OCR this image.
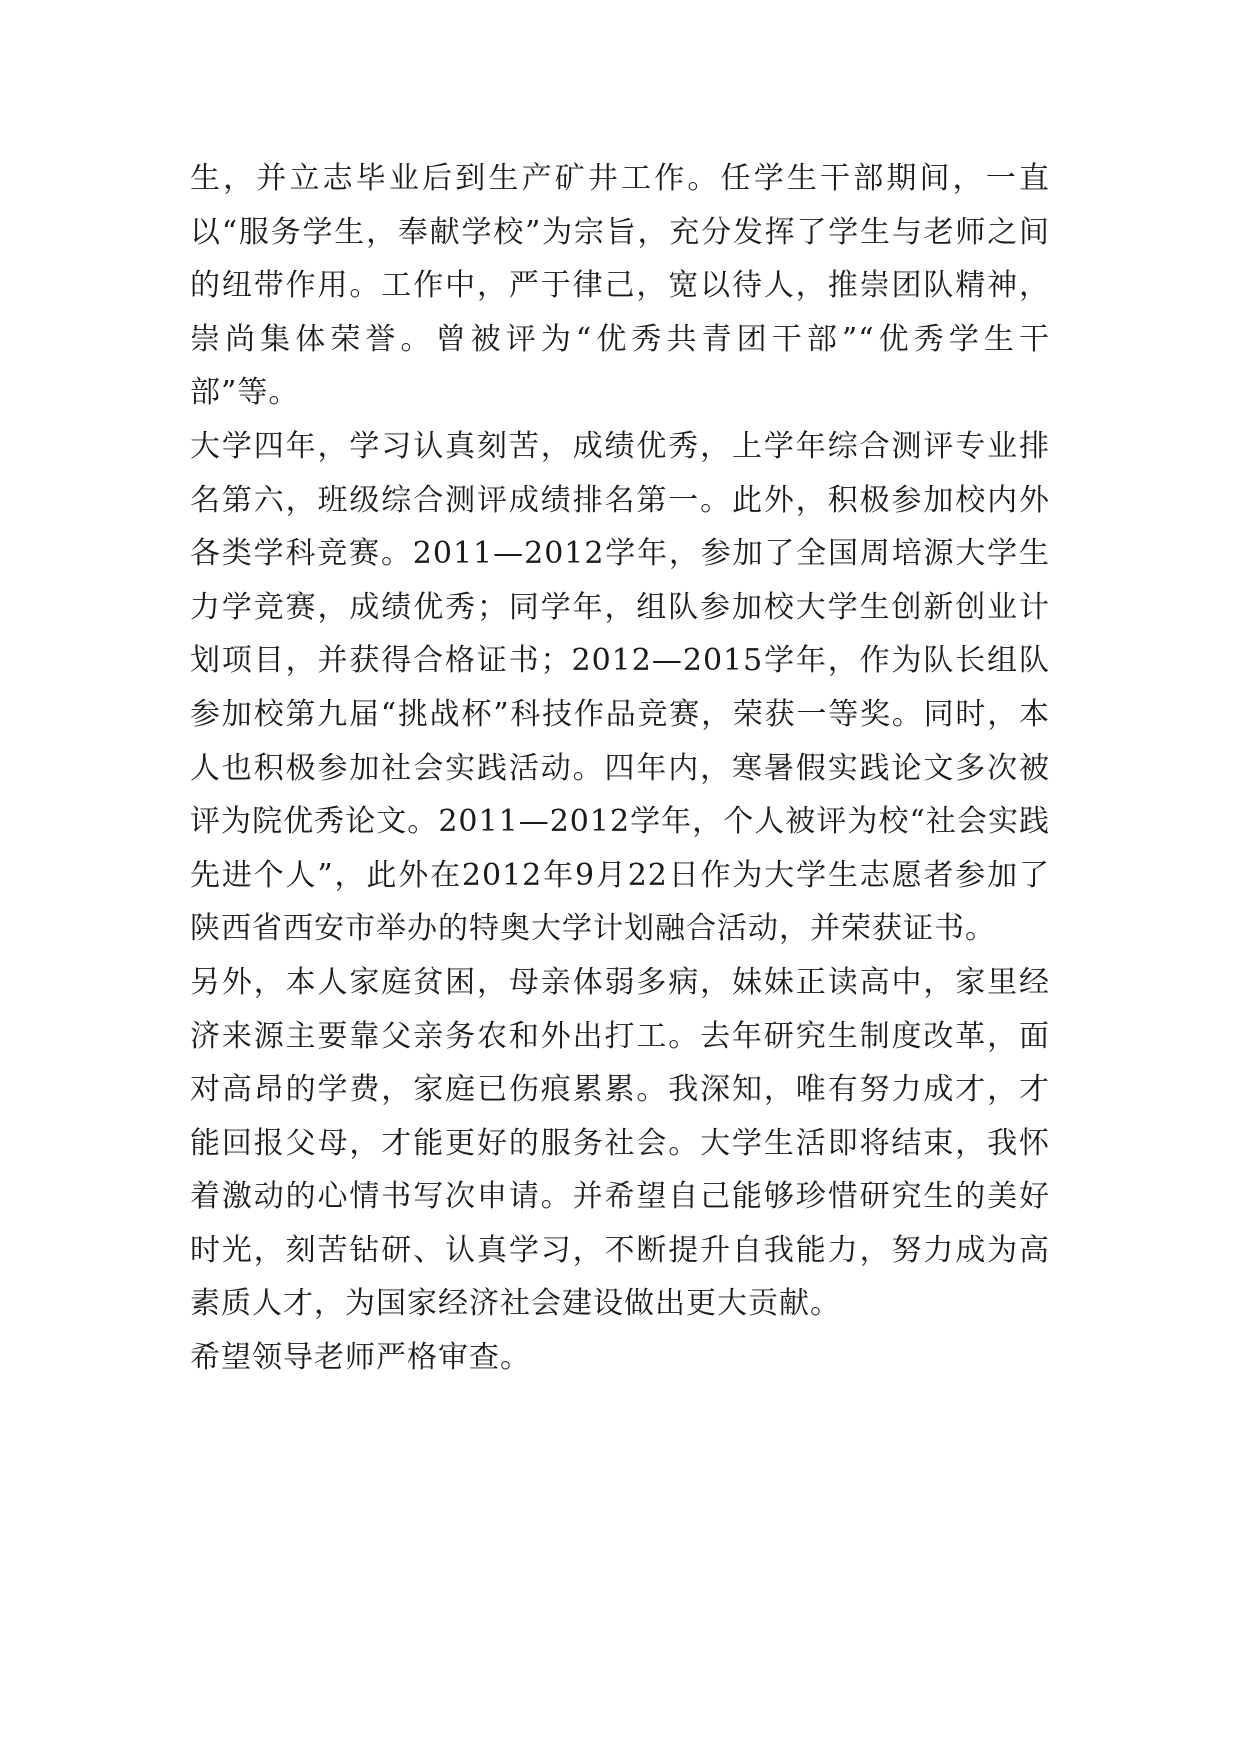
生，并立志毕业后到生产矿井工作。任学生干部期间，一直以“服务学生，奉献学校”为宗旨，充分发挥了学生与老师之间的纽带作用。工作中，严于律己，宽以待人，推崇团队精神，崇尚集体荣誉。曾被评为“优秀共青团干部”“优秀学生干部”等。

大学四年，学习认真刻苦，成绩优秀，上学年综合测评专业排名第六，班级综合测评成绩排名第一。此外，积极参加校内外各类学科竞赛。2011—2012学年，参加了全国周培源大学生力学竞赛，成绩优秀；同学年，组队参加校大学生创新创业计划项目，并获得合格证书；2012—2015学年，作为队长组队参加校第九届“挑战杯”科技作品竞赛，荣获一等奖。同时，本人也积极参加社会实践活动。四年内，寒暑假实践论文多次被评为院优秀论文。2011—2012学年，个人被评为校“社会实践先进个人”，此外在2012年9月22日作为大学生志愿者参加了陕西省西安市举办的特奥大学计划融合活动，并荣获证书。

另外，本人家庭贫困，母亲体弱多病，妹妹正读高中，家里经济来源主要靠父亲务农和外出打工。去年研究生制度改革，面对高昂的学费，家庭已伤痕累累。我深知，唯有努力成才，才能回报父母，才能更好的服务社会。大学生活即将结束，我怀着激动的心情书写次申请。并希望自己能够珍惜研究生的美好时光，刻苦钻研、认真学习，不断提升自我能力，努力成为高素质人才，为国家经济社会建设做出更大贡献。

希望领导老师严格审查。
